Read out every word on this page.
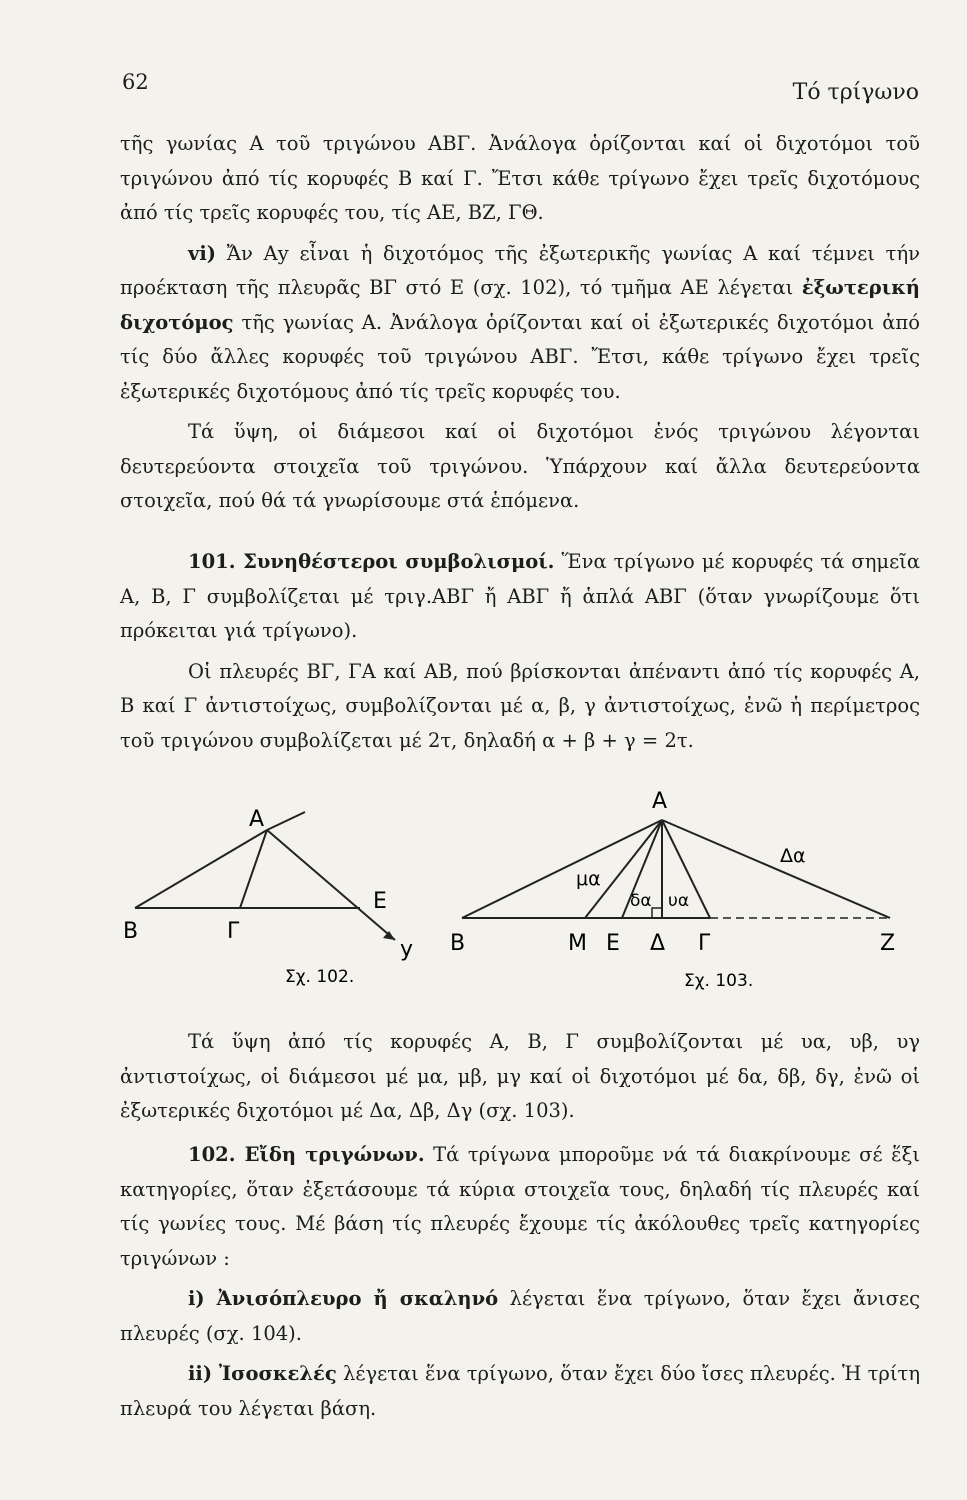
62	Τό τρίγωνο

τῆς γωνίας Α τοῦ τριγώνου ΑΒΓ. Ἀνάλογα ὁρίζονται καί οἱ διχοτόμοι τοῦ τριγώνου ἀπό τίς κορυφές Β καί Γ. Ἔτσι κάθε τρίγωνο ἔχει τρεῖς διχοτόμους ἀπό τίς τρεῖς κορυφές του, τίς ΑΕ, ΒΖ, ΓΘ.

vi) Ἄν Αy εἶναι ἡ διχοτόμος τῆς ἐξωτερικῆς γωνίας Α καί τέμνει τήν προέκταση τῆς πλευρᾶς ΒΓ στό Ε (σχ. 102), τό τμῆμα ΑΕ λέγεται ἐξωτερική διχοτόμος τῆς γωνίας Α. Ἀνάλογα ὁρίζονται καί οἱ ἐξωτερικές διχοτόμοι ἀπό τίς δύο ἄλλες κορυφές τοῦ τριγώνου ΑΒΓ. Ἔτσι, κάθε τρίγωνο ἔχει τρεῖς ἐξωτερικές διχοτόμους ἀπό τίς τρεῖς κορυφές του.

Τά ὕψη, οἱ διάμεσοι καί οἱ διχοτόμοι ἑνός τριγώνου λέγονται δευτερεύοντα στοιχεῖα τοῦ τριγώνου. Ὑπάρχουν καί ἄλλα δευτερεύοντα στοιχεῖα, πού θά τά γνωρίσουμε στά ἑπόμενα.

101. Συνηθέστεροι συμβολισμοί. Ἕνα τρίγωνο μέ κορυφές τά σημεῖα Α, Β, Γ συμβολίζεται μέ τριγ.ΑΒΓ ἤ ΑΒΓ ἤ ἁπλά ΑΒΓ (ὅταν γνωρίζουμε ὅτι πρόκειται γιά τρίγωνο).

Οἱ πλευρές ΒΓ, ΓΑ καί ΑΒ, πού βρίσκονται ἀπέναντι ἀπό τίς κορυφές Α, Β καί Γ ἀντιστοίχως, συμβολίζονται μέ α, β, γ ἀντιστοίχως, ἐνῶ ἡ περίμετρος τοῦ τριγώνου συμβολίζεται μέ 2τ, δηλαδή α + β + γ = 2τ.

A
B	Γ
E
y
Σχ. 102.
A
B	M E Δ Γ	Z
μα
δα υα
Δα
Σχ. 103.

Τά ὕψη ἀπό τίς κορυφές Α, Β, Γ συμβολίζονται μέ υα, υβ, υγ ἀντιστοίχως, οἱ διάμεσοι μέ μα, μβ, μγ καί οἱ διχοτόμοι μέ δα, δβ, δγ, ἐνῶ οἱ ἐξωτερικές διχοτόμοι μέ Δα, Δβ, Δγ (σχ. 103).

102. Εἴδη τριγώνων. Τά τρίγωνα μποροῦμε νά τά διακρίνουμε σέ ἕξι κατηγορίες, ὅταν ἐξετάσουμε τά κύρια στοιχεῖα τους, δηλαδή τίς πλευρές καί τίς γωνίες τους. Μέ βάση τίς πλευρές ἔχουμε τίς ἀκόλουθες τρεῖς κατηγορίες τριγώνων :

i) Ἀνισόπλευρο ἤ σκαληνό λέγεται ἕνα τρίγωνο, ὅταν ἔχει ἄνισες πλευρές (σχ. 104).

ii) Ἰσοσκελές λέγεται ἕνα τρίγωνο, ὅταν ἔχει δύο ἴσες πλευρές. Ἡ τρίτη πλευρά του λέγεται βάση.
